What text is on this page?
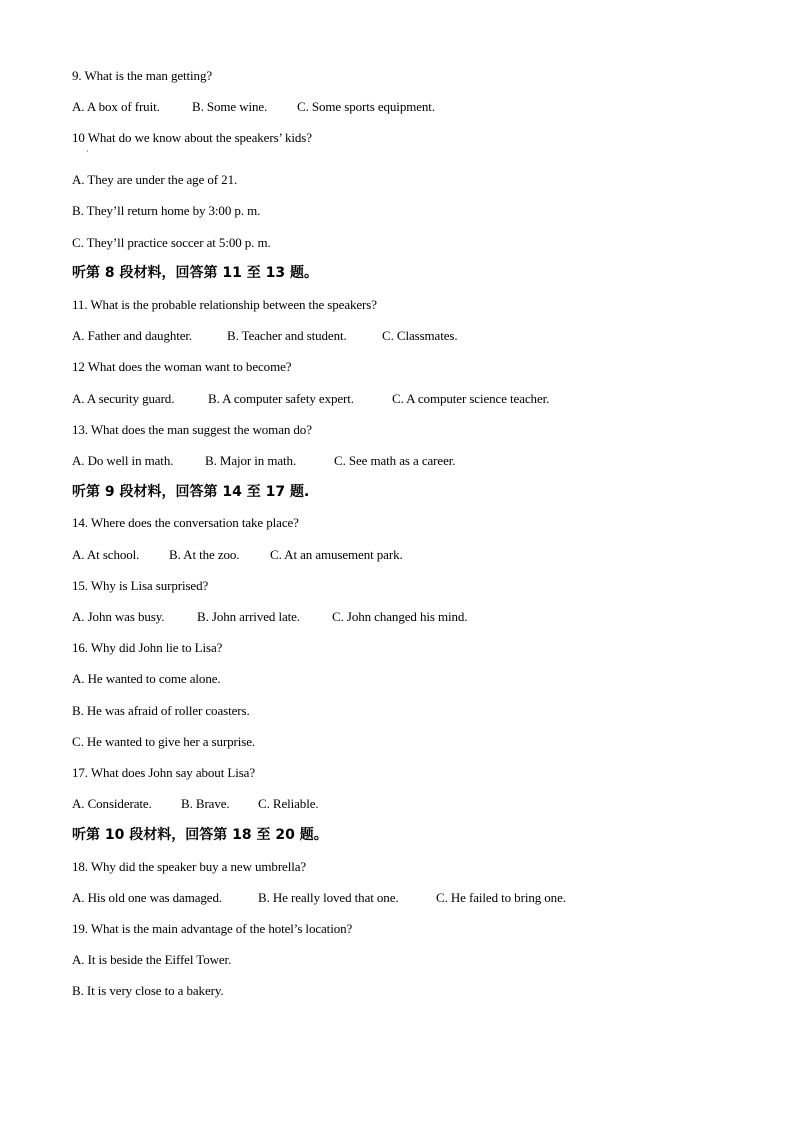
9. What is the man getting?
A. A box of fruit. B. Some wine. C. Some sports equipment.
10 What do we know about the speakers’ kids?
·
A. They are under the age of 21.
B. They’ll return home by 3:00 p. m.
C. They’ll practice soccer at 5:00 p. m.
听第 8 段材料，回答第 11 至 13 题。
11. What is the probable relationship between the speakers?
A. Father and daughter.	B. Teacher and student.	C. Classmates.
12 What does the woman want to become?
A. A security guard.	B. A computer safety expert.	C. A computer science teacher.
13. What does the man suggest the woman do?
A. Do well in math. B. Major in math.	C. See math as a career.
听第 9 段材料，回答第 14 至 17 题.
14. Where does the conversation take place?
A. At school. B. At the zoo. C. At an amusement park.
15. Why is Lisa surprised?
A. John was busy.	B. John arrived late. C. John changed his mind.
16. Why did John lie to Lisa?
A. He wanted to come alone.
B. He was afraid of roller coasters.
C. He wanted to give her a surprise.
17. What does John say about Lisa?
A. Considerate. B. Brave. C. Reliable.
听第 10 段材料，回答第 18 至 20 题。
18. Why did the speaker buy a new umbrella?
A. His old one was damaged.	B. He really loved that one.	C. He failed to bring one.
19. What is the main advantage of the hotel’s location?
A. It is beside the Eiffel Tower.
B. It is very close to a bakery.
